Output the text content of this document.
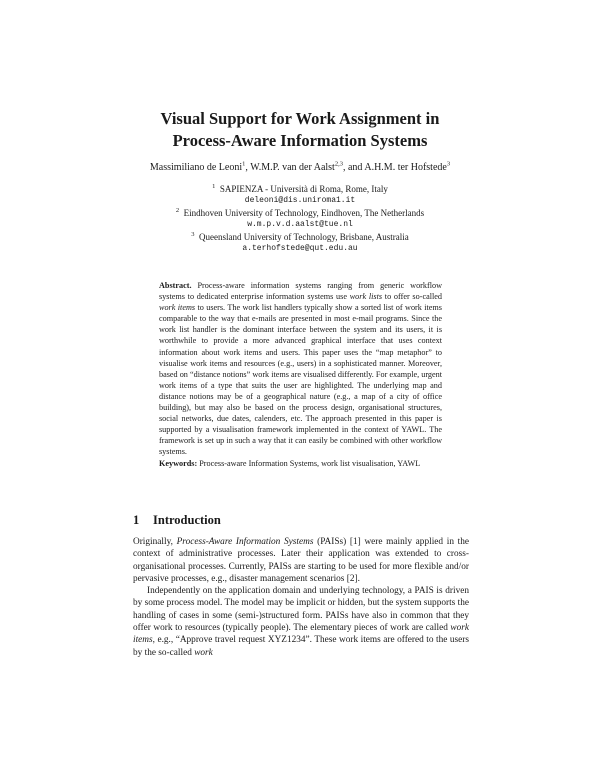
Visual Support for Work Assignment in
Process-Aware Information Systems
Massimiliano de Leoni$^1$, W.M.P. van der Aalst$^{2,3}$, and A.H.M. ter Hofstede$^3$
$^1$ SAPIENZA - Università di Roma, Rome, Italy
deleoni@dis.uniroma1.it
$^2$ Eindhoven University of Technology, Eindhoven, The Netherlands
w.m.p.v.d.aalst@tue.nl
$^3$ Queensland University of Technology, Brisbane, Australia
a.terhofstede@qut.edu.au
Abstract. Process-aware information systems ranging from generic workflow systems to dedicated enterprise information systems use work lists to offer so-called work items to users. The work list handlers typically show a sorted list of work items comparable to the way that e-mails are presented in most e-mail programs. Since the work list handler is the dominant interface between the system and its users, it is worthwhile to provide a more advanced graphical interface that uses context information about work items and users. This paper uses the “map metaphor” to visualise work items and resources (e.g., users) in a sophisticated manner. Moreover, based on “distance notions” work items are visualised differently. For example, urgent work items of a type that suits the user are highlighted. The underlying map and distance notions may be of a geographical nature (e.g., a map of a city of office building), but may also be based on the process design, organisational structures, social networks, due dates, calenders, etc. The approach presented in this paper is supported by a visualisation framework implemented in the context of YAWL. The framework is set up in such a way that it can easily be combined with other workflow systems.
Keywords: Process-aware Information Systems, work list visualisation, YAWL
1 Introduction

Originally, Process-Aware Information Systems (PAISs) [1] were mainly applied in the context of administrative processes. Later their application was extended to cross-organisational processes. Currently, PAISs are starting to be used for more flexible and/or pervasive processes, e.g., disaster management scenarios [2].

Independently on the application domain and underlying technology, a PAIS is driven by some process model. The model may be implicit or hidden, but the system supports the handling of cases in some (semi-)structured form. PAISs have also in common that they offer work to resources (typically people). The elementary pieces of work are called work items, e.g., “Approve travel request XYZ1234”. These work items are offered to the users by the so-called work
